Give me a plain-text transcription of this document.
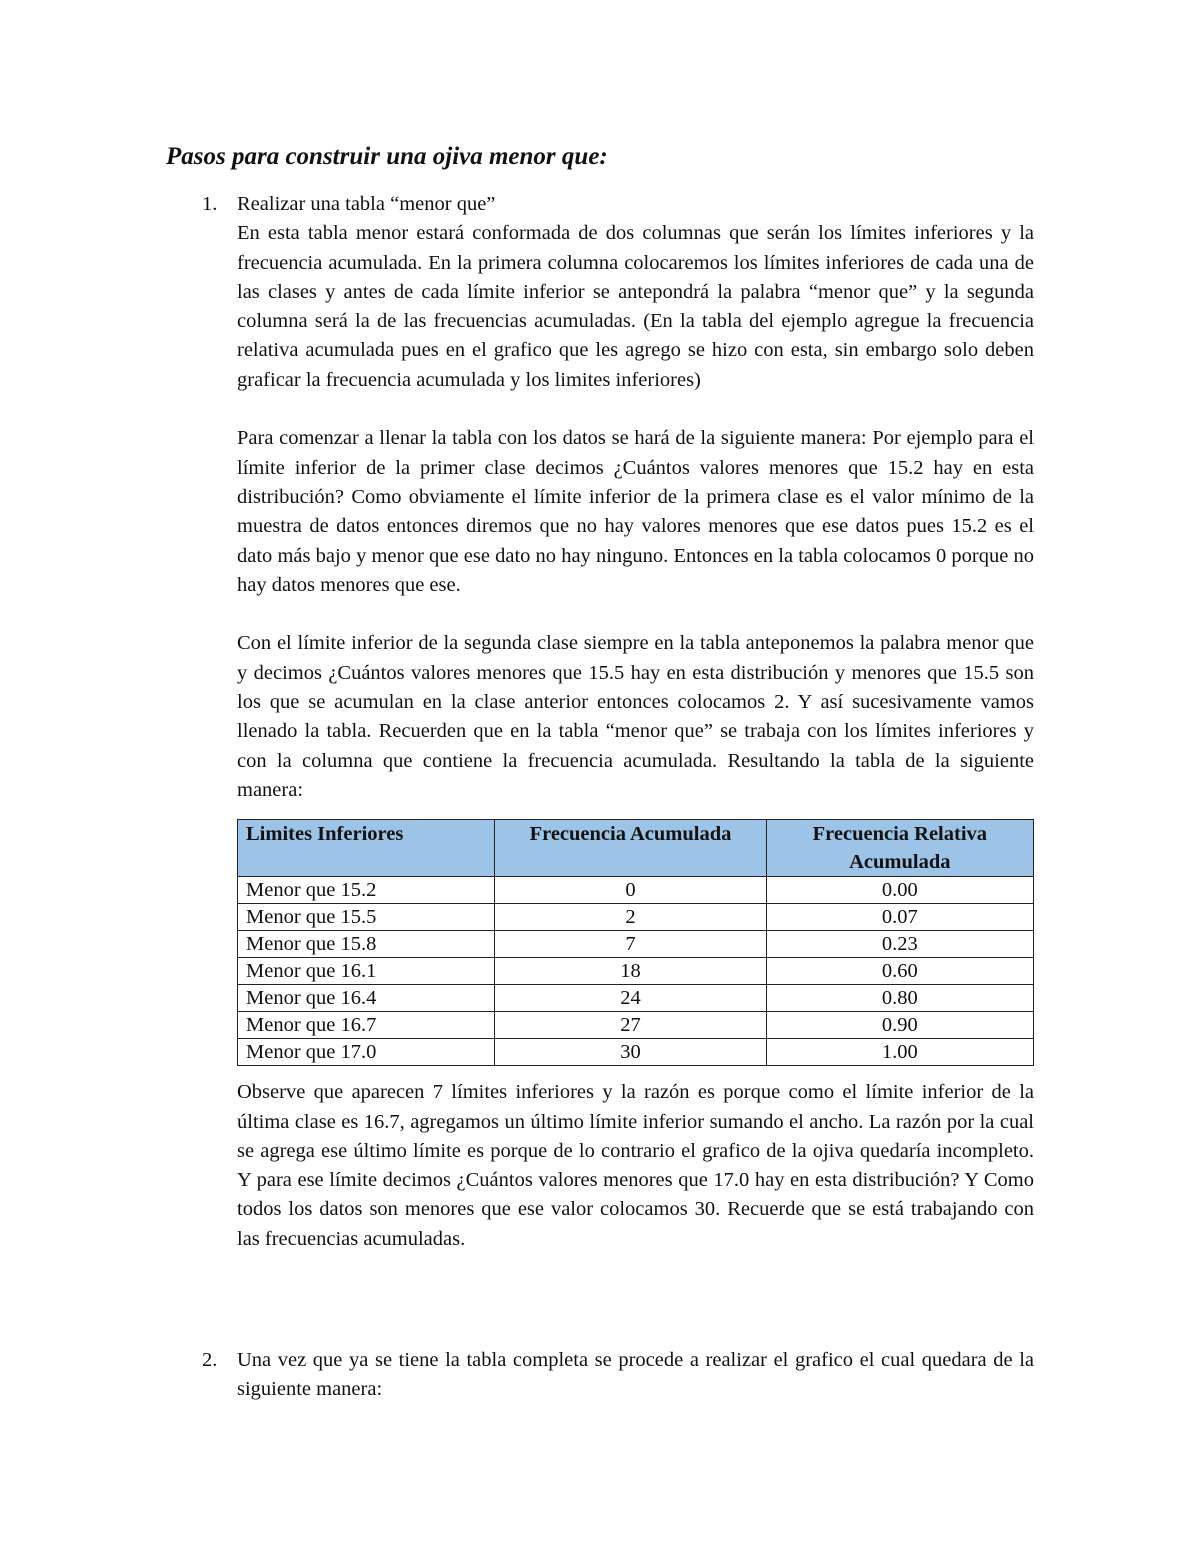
Pasos para construir una ojiva menor que:
1. Realizar una tabla “menor que”

En esta tabla menor estará conformada de dos columnas que serán los límites inferiores y la frecuencia acumulada. En la primera columna colocaremos los límites inferiores de cada una de las clases y antes de cada límite inferior se antepondrá la palabra “menor que” y la segunda columna será la de las frecuencias acumuladas. (En la tabla del ejemplo agregue la frecuencia relativa acumulada pues en el grafico que les agrego se hizo con esta, sin embargo solo deben graficar la frecuencia acumulada y los limites inferiores)

Para comenzar a llenar la tabla con los datos se hará de la siguiente manera: Por ejemplo para el límite inferior de la primer clase decimos ¿Cuántos valores menores que 15.2 hay en esta distribución? Como obviamente el límite inferior de la primera clase es el valor mínimo de la muestra de datos entonces diremos que no hay valores menores que ese datos pues 15.2 es el dato más bajo y menor que ese dato no hay ninguno. Entonces en la tabla colocamos 0 porque no hay datos menores que ese.

Con el límite inferior de la segunda clase siempre en la tabla anteponemos la palabra menor que y decimos ¿Cuántos valores menores que 15.5 hay en esta distribución y menores que 15.5 son los que se acumulan en la clase anterior entonces colocamos 2. Y así sucesivamente vamos llenado la tabla. Recuerden que en la tabla “menor que” se trabaja con los límites inferiores y con la columna que contiene la frecuencia acumulada. Resultando la tabla de la siguiente manera:

Limites Inferiores	Frecuencia Acumulada	Frecuencia Relativa Acumulada
Menor que 15.2	0	0.00
Menor que 15.5	2	0.07
Menor que 15.8	7	0.23
Menor que 16.1	18	0.60
Menor que 16.4	24	0.80
Menor que 16.7	27	0.90
Menor que 17.0	30	1.00

Observe que aparecen 7 límites inferiores y la razón es porque como el límite inferior de la última clase es 16.7, agregamos un último límite inferior sumando el ancho. La razón por la cual se agrega ese último límite es porque de lo contrario el grafico de la ojiva quedaría incompleto. Y para ese límite decimos ¿Cuántos valores menores que 17.0 hay en esta distribución? Y Como todos los datos son menores que ese valor colocamos 30. Recuerde que se está trabajando con las frecuencias acumuladas.

2. Una vez que ya se tiene la tabla completa se procede a realizar el grafico el cual quedara de la siguiente manera:
